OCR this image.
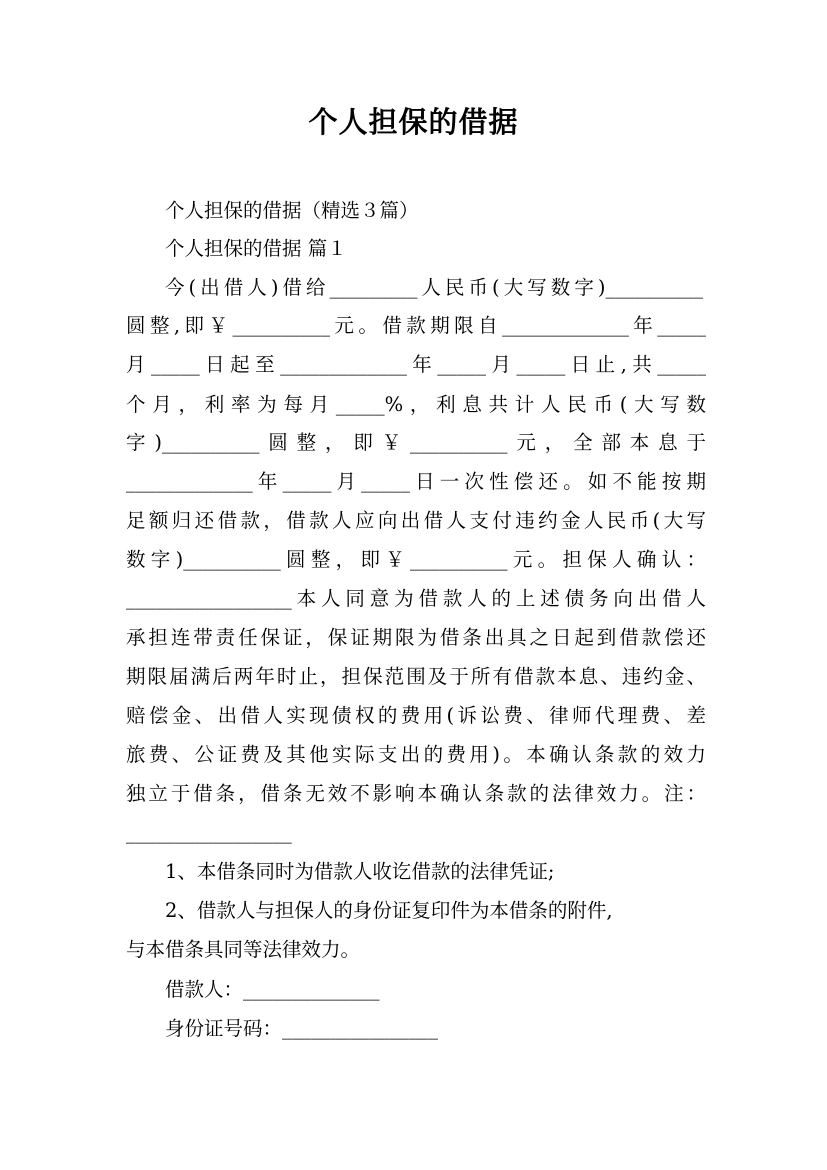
个人担保的借据

个人担保的借据（精选３篇）

个人担保的借据 篇１

今(出借人)借给_________人民币(大写数字)__________

圆整,即￥__________元。借款期限自_____________年_____

月_____日起至_____________年_____月_____日止,共_____

个月，利率为每月_____%，利息共计人民币(大写数

字)__________圆整，即￥__________元，全部本息于

_____________年_____月_____日一次性偿还。如不能按期

足额归还借款，借款人应向出借人支付违约金人民币(大写

数字)__________圆整，即￥__________元。担保人确认：

_________________本人同意为借款人的上述债务向出借人

承担连带责任保证，保证期限为借条出具之日起到借款偿还

期限届满后两年时止，担保范围及于所有借款本息、违约金、

赔偿金、出借人实现债权的费用(诉讼费、律师代理费、差

旅费、公证费及其他实际支出的费用)。本确认条款的效力

独立于借条，借条无效不影响本确认条款的法律效力。注：

_________________

1、本借条同时为借款人收讫借款的法律凭证;

2、借款人与担保人的身份证复印件为本借条的附件,

与本借条具同等法律效力。

借款人：______________

身份证号码：________________
